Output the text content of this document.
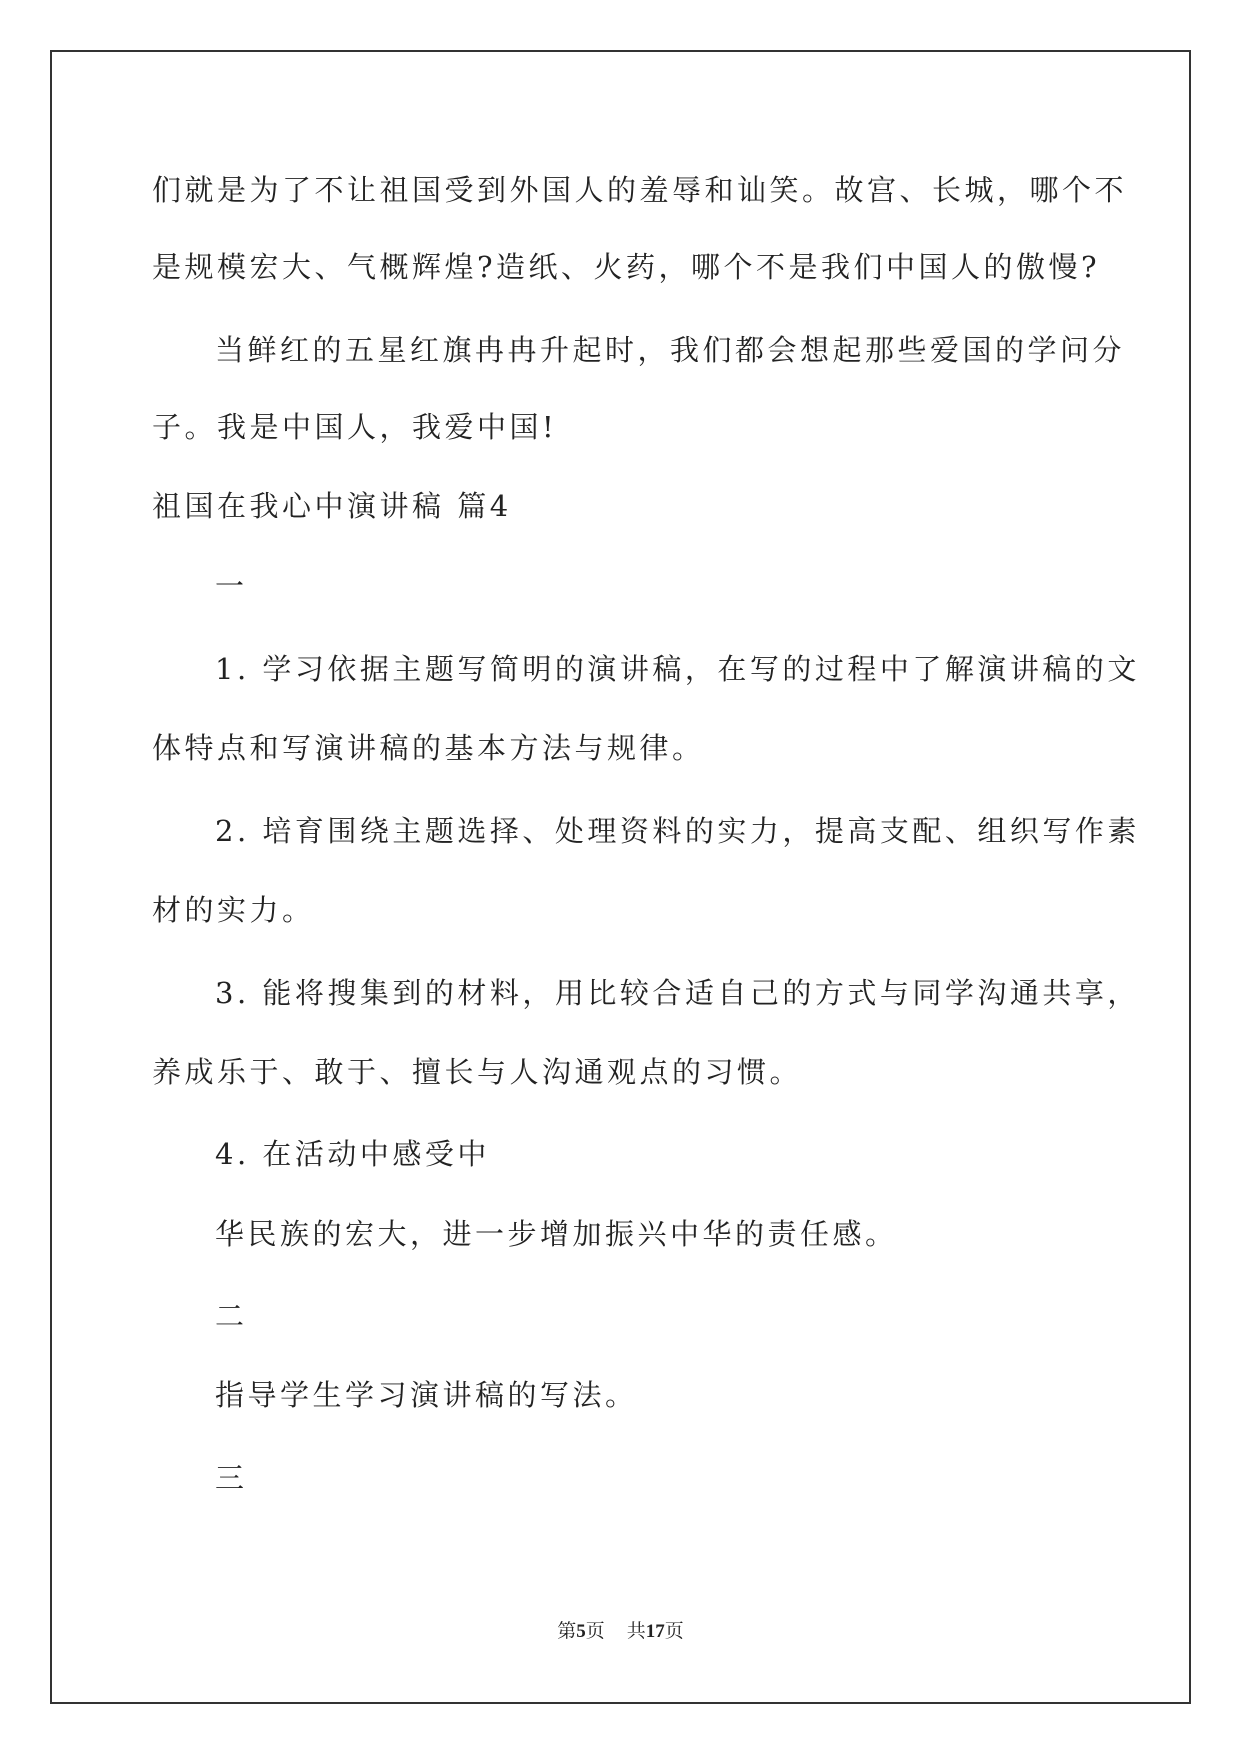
们就是为了不让祖国受到外国人的羞辱和讪笑。故宫、长城，哪个不
是规模宏大、气概辉煌?造纸、火药，哪个不是我们中国人的傲慢?
当鲜红的五星红旗冉冉升起时，我们都会想起那些爱国的学问分
子。我是中国人，我爱中国!
祖国在我心中演讲稿 篇4
一
1. 学习依据主题写简明的演讲稿，在写的过程中了解演讲稿的文
体特点和写演讲稿的基本方法与规律。
2. 培育围绕主题选择、处理资料的实力，提高支配、组织写作素
材的实力。
3. 能将搜集到的材料，用比较合适自己的方式与同学沟通共享，
养成乐于、敢于、擅长与人沟通观点的习惯。
4. 在活动中感受中
华民族的宏大，进一步增加振兴中华的责任感。
二
指导学生学习演讲稿的写法。
三
第5页 共17页
